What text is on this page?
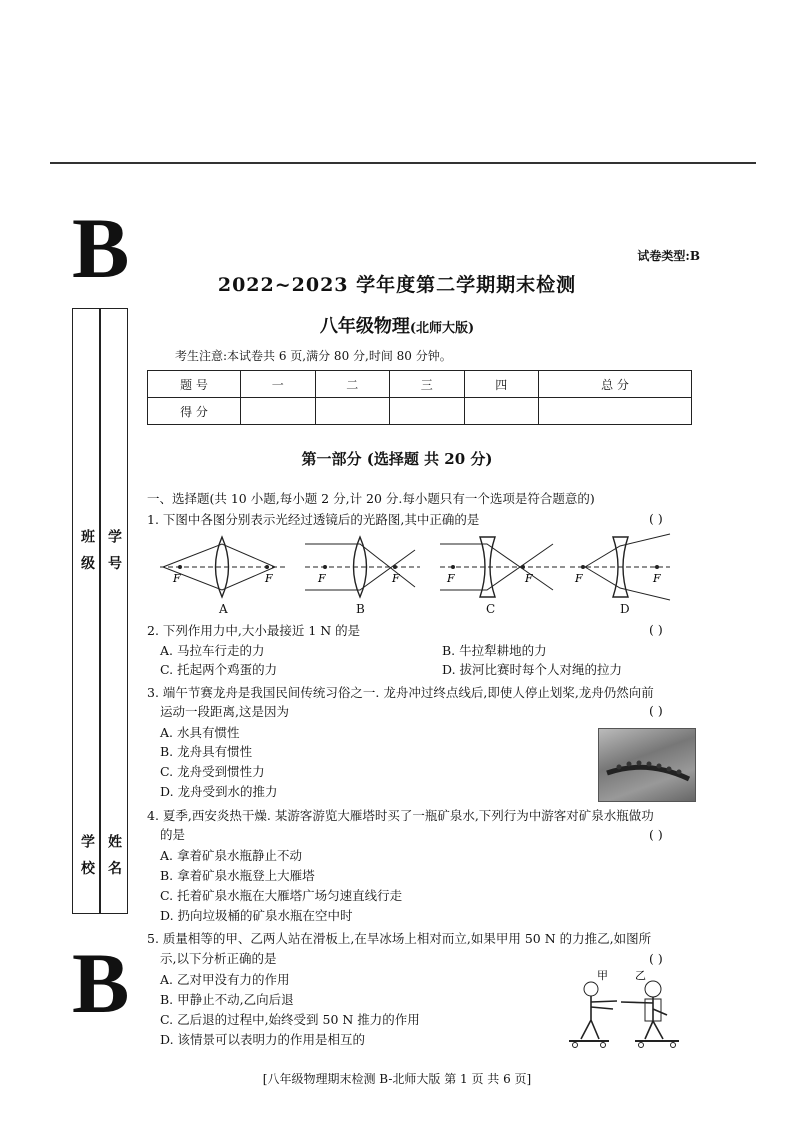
B
B
班 级 学 号
学 校 姓 名
试卷类型:B
2022~2023 学年度第二学期期末检测
八年级物理(北师大版)
考生注意:本试卷共 6 页,满分 80 分,时间 80 分钟。
题 号	一	二	三	四	总 分
得 分					
第一部分 (选择题 共 20 分)
一、选择题(共 10 小题,每小题 2 分,计 20 分.每小题只有一个选项是符合题意的)
1. 下图中各图分别表示光经过透镜后的光路图,其中正确的是	( )
F	F	F	F	F	F	F	F
A	B	C	D
2. 下列作用力中,大小最接近 1 N 的是	( )
A. 马拉车行走的力	B. 牛拉犁耕地的力
C. 托起两个鸡蛋的力	D. 拔河比赛时每个人对绳的拉力
3. 端午节赛龙舟是我国民间传统习俗之一. 龙舟冲过终点线后,即使人停止划桨,龙舟仍然向前
运动一段距离,这是因为	( )
A. 水具有惯性
B. 龙舟具有惯性
C. 龙舟受到惯性力
D. 龙舟受到水的推力
4. 夏季,西安炎热干燥. 某游客游览大雁塔时买了一瓶矿泉水,下列行为中游客对矿泉水瓶做功
的是	( )
A. 拿着矿泉水瓶静止不动
B. 拿着矿泉水瓶登上大雁塔
C. 托着矿泉水瓶在大雁塔广场匀速直线行走
D. 扔向垃圾桶的矿泉水瓶在空中时
5. 质量相等的甲、乙两人站在滑板上,在旱冰场上相对而立,如果甲用 50 N 的力推乙,如图所
示,以下分析正确的是	( )
A. 乙对甲没有力的作用
B. 甲静止不动,乙向后退
C. 乙后退的过程中,始终受到 50 N 推力的作用
D. 该情景可以表明力的作用是相互的
甲 乙
[八年级物理期末检测 B-北师大版 第 1 页 共 6 页]
